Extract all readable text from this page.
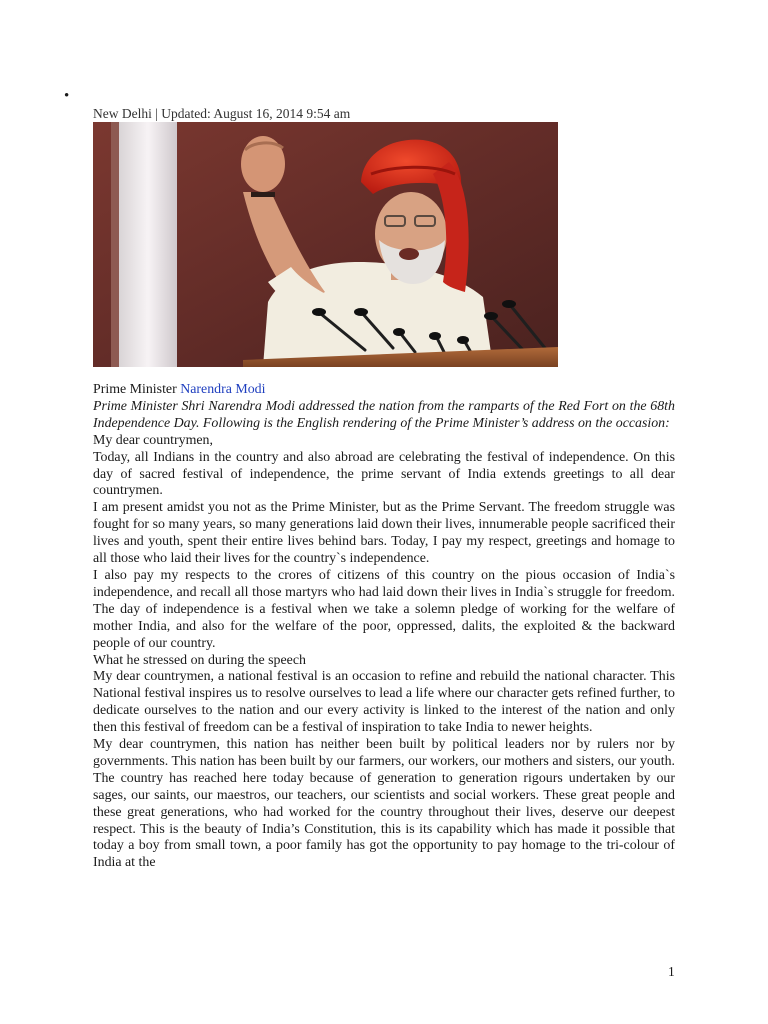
•
New Delhi | Updated: August 16, 2014 9:54 am

Prime Minister Narendra Modi

Prime Minister Shri Narendra Modi addressed the nation from the ramparts of the Red Fort on the 68th Independence Day. Following is the English rendering of the Prime Minister’s address on the occasion:

My dear countrymen,

Today, all Indians in the country and also abroad are celebrating the festival of independence. On this day of sacred festival of independence, the prime servant of India extends greetings to all dear countrymen.

I am present amidst you not as the Prime Minister, but as the Prime Servant. The freedom struggle was fought for so many years, so many generations laid down their lives, innumerable people sacrificed their lives and youth, spent their entire lives behind bars. Today, I pay my respect, greetings and homage to all those who laid their lives for the country`s independence.

I also pay my respects to the crores of citizens of this country on the pious occasion of India`s independence, and recall all those martyrs who had laid down their lives in India`s struggle for freedom. The day of independence is a festival when we take a solemn pledge of working for the welfare of mother India, and also for the welfare of the poor, oppressed, dalits, the exploited & the backward people of our country.

What he stressed on during the speech

My dear countrymen, a national festival is an occasion to refine and rebuild the national character. This National festival inspires us to resolve ourselves to lead a life where our character gets refined further, to dedicate ourselves to the nation and our every activity is linked to the interest of the nation and only then this festival of freedom can be a festival of inspiration to take India to newer heights.

My dear countrymen, this nation has neither been built by political leaders nor by rulers nor by governments. This nation has been built by our farmers, our workers, our mothers and sisters, our youth. The country has reached here today because of generation to generation rigours undertaken by our sages, our saints, our maestros, our teachers, our scientists and social workers. These great people and these great generations, who had worked for the country throughout their lives, deserve our deepest respect. This is the beauty of India’s Constitution, this is its capability which has made it possible that today a boy from small town, a poor family has got the opportunity to pay homage to the tri-colour of India at the

1
